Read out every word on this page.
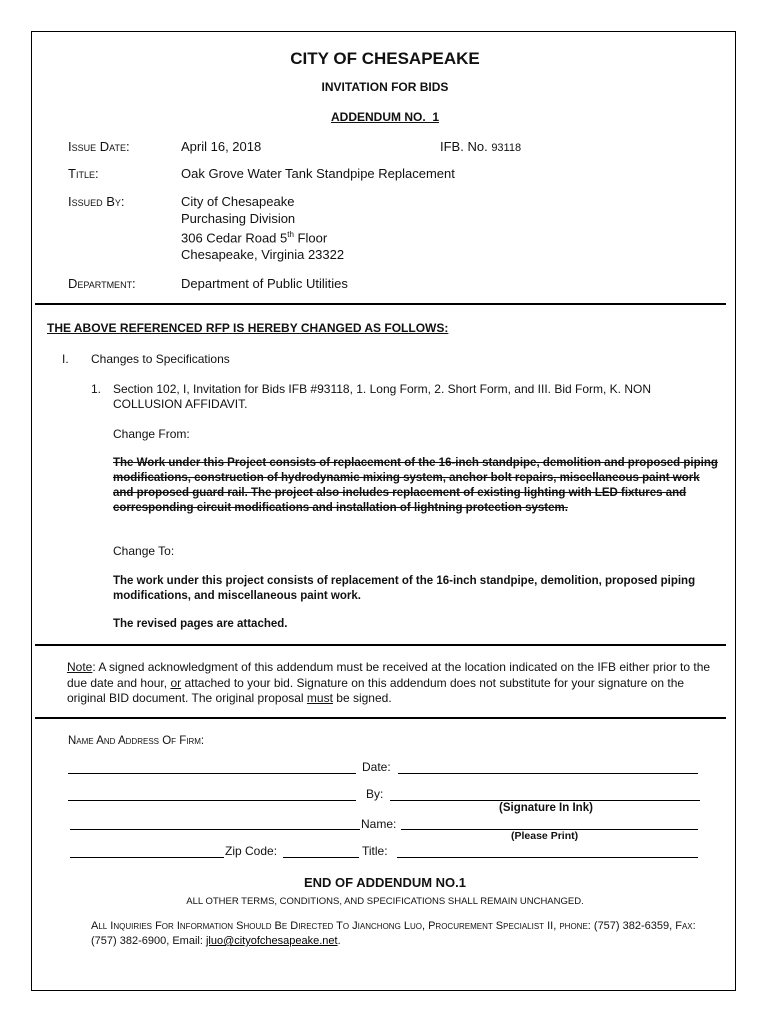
CITY OF CHESAPEAKE
INVITATION FOR BIDS
ADDENDUM NO.  1
Issue Date:	April 16, 2018	IFB. No. 93118
Title:	Oak Grove Water Tank Standpipe Replacement
Issued By:	City of Chesapeake
Purchasing Division
306 Cedar Road 5th Floor
Chesapeake, Virginia 23322
Department:	Department of Public Utilities
THE ABOVE REFERENCED RFP IS HEREBY CHANGED AS FOLLOWS:
I. Changes to Specifications
1. Section 102, I, Invitation for Bids IFB #93118, 1. Long Form, 2. Short Form, and III. Bid Form, K. NON COLLUSION AFFIDAVIT.
Change From:
The Work under this Project consists of replacement of the 16-inch standpipe, demolition and proposed piping modifications, construction of hydrodynamic mixing system, anchor bolt repairs, miscellaneous paint work and proposed guard rail. The project also includes replacement of existing lighting with LED fixtures and corresponding circuit modifications and installation of lightning protection system.
Change To:
The work under this project consists of replacement of the 16-inch standpipe, demolition, proposed piping modifications, and miscellaneous paint work.
The revised pages are attached.
Note: A signed acknowledgment of this addendum must be received at the location indicated on the IFB either prior to the due date and hour, or attached to your bid. Signature on this addendum does not substitute for your signature on the original BID document. The original proposal must be signed.
Name And Address Of Firm:
Date:
By:
(Signature In Ink)
Name:
(Please Print)
Zip Code:	Title:
END OF ADDENDUM NO.1
ALL OTHER TERMS, CONDITIONS, AND SPECIFICATIONS SHALL REMAIN UNCHANGED.
All Inquiries For Information Should Be Directed To Jianchong Luo, Procurement Specialist II, phone: (757) 382-6359, Fax: (757) 382-6900, Email: jluo@cityofchesapeake.net.
